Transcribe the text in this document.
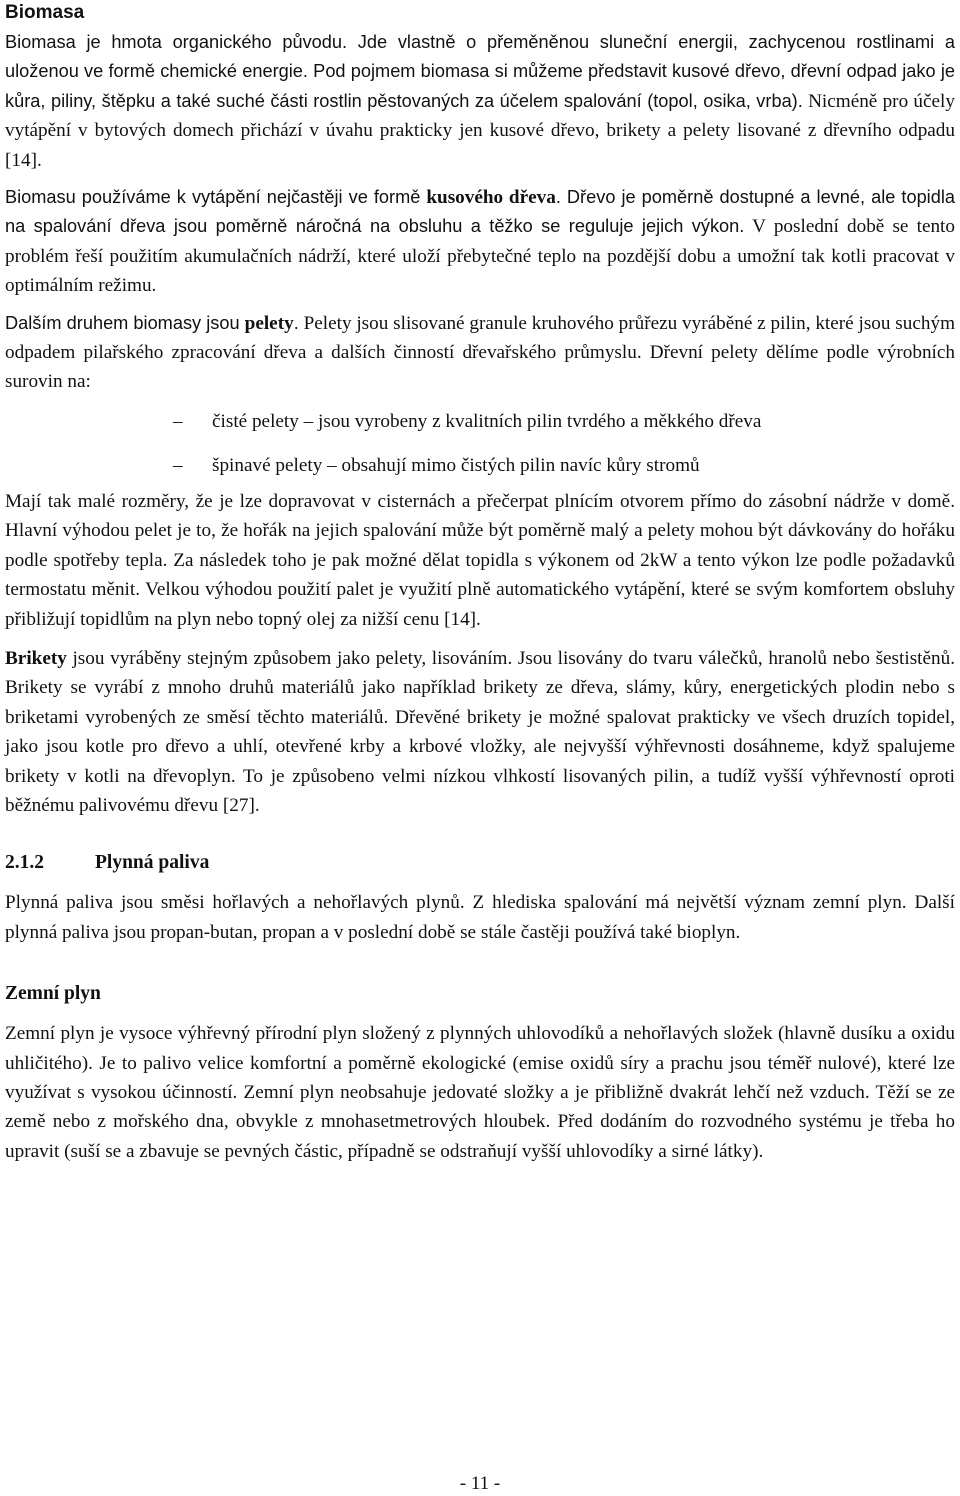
Biomasa

Biomasa je hmota organického původu. Jde vlastně o přeměněnou sluneční energii, zachycenou rostlinami a uloženou ve formě chemické energie. Pod pojmem biomasa si můžeme představit kusové dřevo, dřevní odpad jako je kůra, piliny, štěpku a také suché části rostlin pěstovaných za účelem spalování (topol, osika, vrba). Nicméně pro účely vytápění v bytových domech přichází v úvahu prakticky jen kusové dřevo, brikety a pelety lisované z dřevního odpadu [14].

Biomasu používáme k vytápění nejčastěji ve formě kusového dřeva. Dřevo je poměrně dostupné a levné, ale topidla na spalování dřeva jsou poměrně náročná na obsluhu a těžko se reguluje jejich výkon. V poslední době se tento problém řeší použitím akumulačních nádrží, které uloží přebytečné teplo na pozdější dobu a umožní tak kotli pracovat v optimálním režimu.

Dalším druhem biomasy jsou pelety. Pelety jsou slisované granule kruhového průřezu vyráběné z pilin, které jsou suchým odpadem pilařského zpracování dřeva a dalších činností dřevařského průmyslu. Dřevní pelety dělíme podle výrobních surovin na:

– čisté pelety – jsou vyrobeny z kvalitních pilin tvrdého a měkkého dřeva
– špinavé pelety – obsahují mimo čistých pilin navíc kůry stromů

Mají tak malé rozměry, že je lze dopravovat v cisternách a přečerpat plnícím otvorem přímo do zásobní nádrže v domě. Hlavní výhodou pelet je to, že hořák na jejich spalování může být poměrně malý a pelety mohou být dávkovány do hořáku podle spotřeby tepla. Za následek toho je pak možné dělat topidla s výkonem od 2kW a tento výkon lze podle požadavků termostatu měnit. Velkou výhodou použití palet je využití plně automatického vytápění, které se svým komfortem obsluhy přibližují topidlům na plyn nebo topný olej za nižší cenu [14].

Brikety jsou vyráběny stejným způsobem jako pelety, lisováním. Jsou lisovány do tvaru válečků, hranolů nebo šestistěnů. Brikety se vyrábí z mnoho druhů materiálů jako například brikety ze dřeva, slámy, kůry, energetických plodin nebo s briketami vyrobených ze směsí těchto materiálů. Dřevěné brikety je možné spalovat prakticky ve všech druzích topidel, jako jsou kotle pro dřevo a uhlí, otevřené krby a krbové vložky, ale nejvyšší výhřevnosti dosáhneme, když spalujeme brikety v kotli na dřevoplyn. To je způsobeno velmi nízkou vlhkostí lisovaných pilin, a tudíž vyšší výhřevností oproti běžnému palivovému dřevu [27].

2.1.2	Plynná paliva

Plynná paliva jsou směsi hořlavých a nehořlavých plynů. Z hlediska spalování má největší význam zemní plyn. Další plynná paliva jsou propan-butan, propan a v poslední době se stále častěji používá také bioplyn.

Zemní plyn

Zemní plyn je vysoce výhřevný přírodní plyn složený z plynných uhlovodíků a nehořlavých složek (hlavně dusíku a oxidu uhličitého). Je to palivo velice komfortní a poměrně ekologické (emise oxidů síry a prachu jsou téměř nulové), které lze využívat s vysokou účinností. Zemní plyn neobsahuje jedovaté složky a je přibližně dvakrát lehčí než vzduch. Těží se ze země nebo z mořského dna, obvykle z mnohasetmetrových hloubek. Před dodáním do rozvodného systému je třeba ho upravit (suší se a zbavuje se pevných částic, případně se odstraňují vyšší uhlovodíky a sirné látky).

- 11 -
